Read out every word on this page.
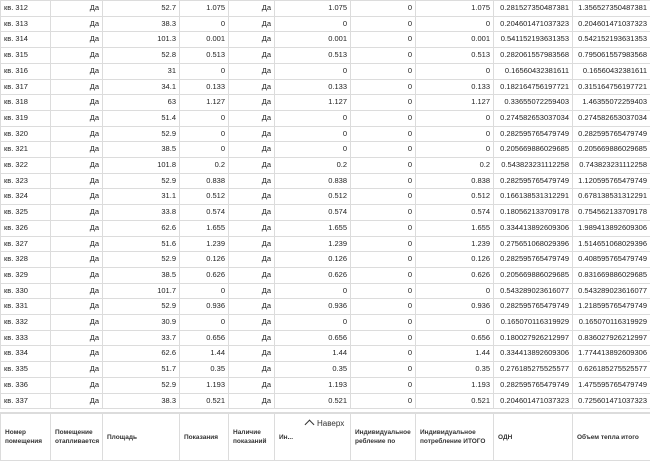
кв. 312	Да	52.7	1.075	Да	1.075	0	1.075	0.281527350487381	1.356527350487381
кв. 313	Да	38.3	0	Да	0	0	0	0.204601471037323	0.204601471037323
кв. 314	Да	101.3	0.001	Да	0.001	0	0.001	0.541152193631353	0.542152193631353
кв. 315	Да	52.8	0.513	Да	0.513	0	0.513	0.282061557983568	0.795061557983568
кв. 316	Да	31	0	Да	0	0	0	0.16560432381611	0.16560432381611
кв. 317	Да	34.1	0.133	Да	0.133	0	0.133	0.182164756197721	0.315164756197721
кв. 318	Да	63	1.127	Да	1.127	0	1.127	0.33655072259403	1.46355072259403
кв. 319	Да	51.4	0	Да	0	0	0	0.274582653037034	0.274582653037034
кв. 320	Да	52.9	0	Да	0	0	0	0.282595765479749	0.282595765479749
кв. 321	Да	38.5	0	Да	0	0	0	0.205669886029685	0.205669886029685
кв. 322	Да	101.8	0.2	Да	0.2	0	0.2	0.543823231112258	0.743823231112258
кв. 323	Да	52.9	0.838	Да	0.838	0	0.838	0.282595765479749	1.120595765479749
кв. 324	Да	31.1	0.512	Да	0.512	0	0.512	0.166138531312291	0.678138531312291
кв. 325	Да	33.8	0.574	Да	0.574	0	0.574	0.180562133709178	0.754562133709178
кв. 326	Да	62.6	1.655	Да	1.655	0	1.655	0.334413892609306	1.989413892609306
кв. 327	Да	51.6	1.239	Да	1.239	0	1.239	0.275651068029396	1.514651068029396
кв. 328	Да	52.9	0.126	Да	0.126	0	0.126	0.282595765479749	0.408595765479749
кв. 329	Да	38.5	0.626	Да	0.626	0	0.626	0.205669886029685	0.831669886029685
кв. 330	Да	101.7	0	Да	0	0	0	0.543289023616077	0.543289023616077
кв. 331	Да	52.9	0.936	Да	0.936	0	0.936	0.282595765479749	1.218595765479749
кв. 332	Да	30.9	0	Да	0	0	0	0.165070116319929	0.165070116319929
кв. 333	Да	33.7	0.656	Да	0.656	0	0.656	0.180027926212997	0.836027926212997
кв. 334	Да	62.6	1.44	Да	1.44	0	1.44	0.334413892609306	1.774413892609306
кв. 335	Да	51.7	0.35	Да	0.35	0	0.35	0.276185275525577	0.626185275525577
кв. 336	Да	52.9	1.193	Да	1.193	0	1.193	0.282595765479749	1.475595765479749
кв. 337	Да	38.3	0.521	Да	0.521	0	0.521	0.204601471037323	0.725601471037323
Номер помещения	Помещение отапливается	Площадь	Показания	Наличие показаний	Ин...	Индивидуальное ребление по	Индивидуальное потребление ИТОГО	ОДН	Объем тепла итого
Наверх
